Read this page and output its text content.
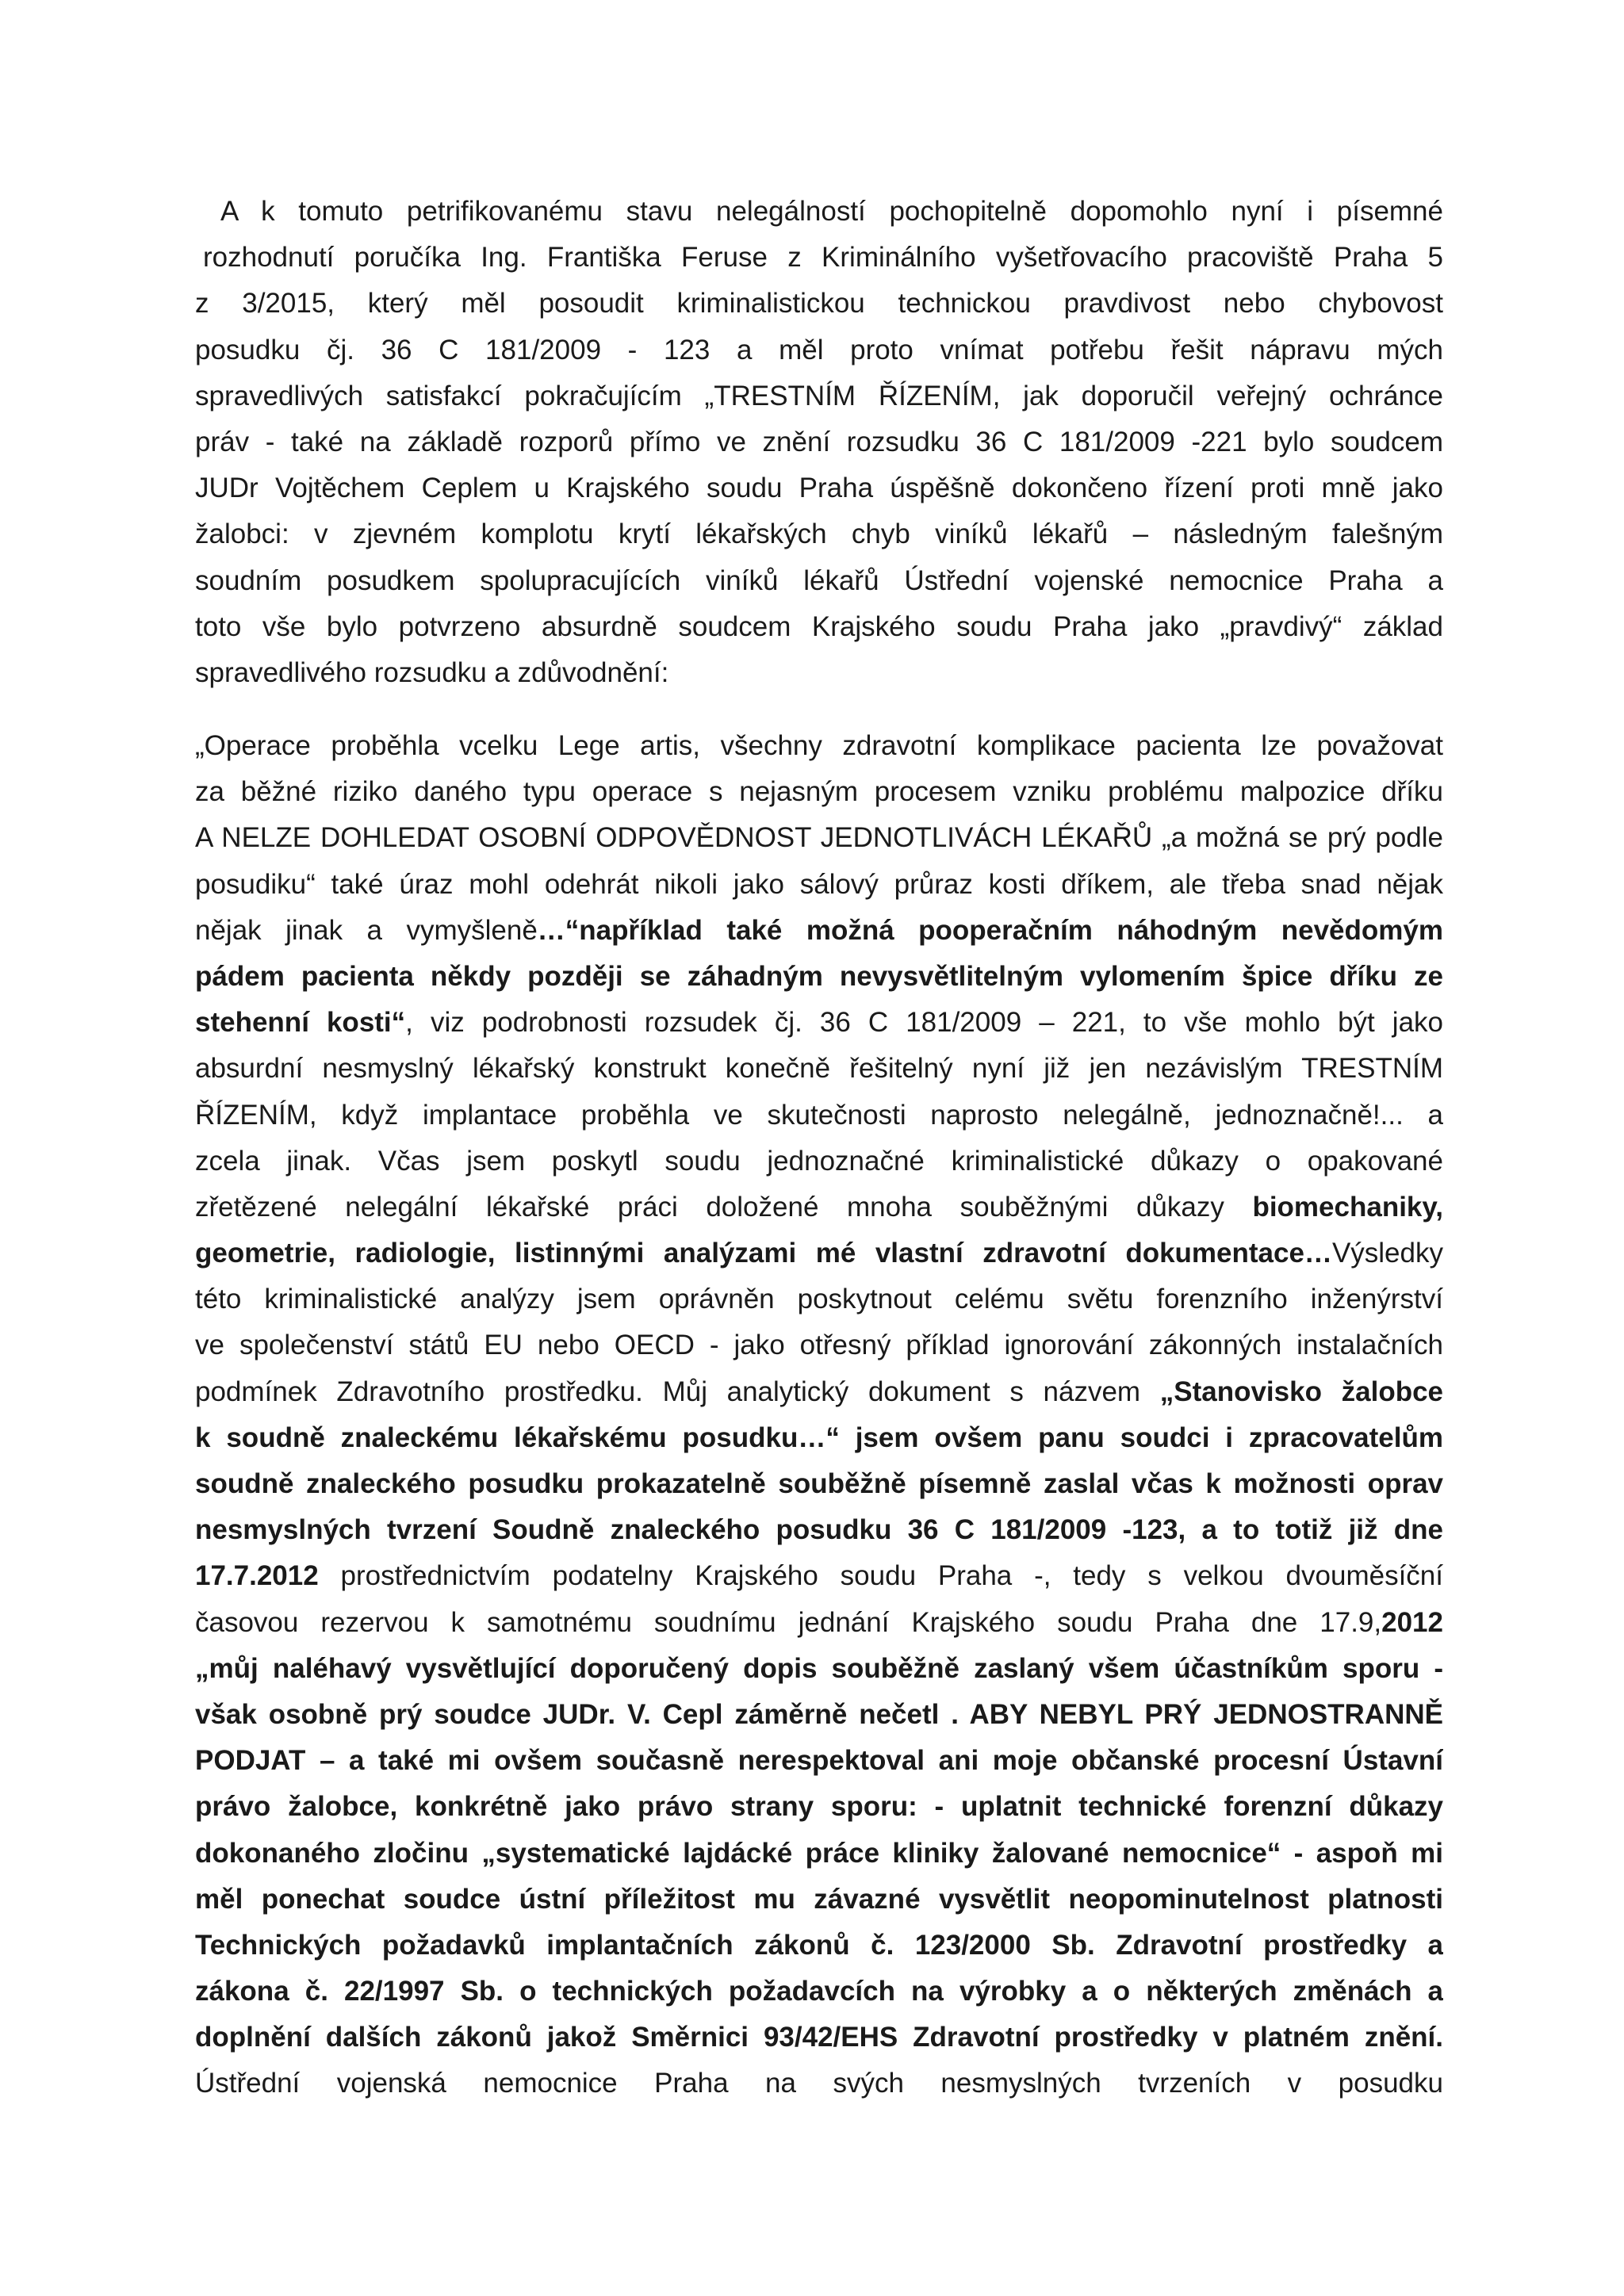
A k tomuto petrifikovanému stavu nelegálností pochopitelně dopomohlo nyní i písemné
rozhodnutí poručíka Ing. Františka Feruse z Kriminálního vyšetřovacího pracoviště Praha 5
z 3/2015, který měl posoudit kriminalistickou technickou pravdivost nebo chybovost
posudku čj. 36 C 181/2009 - 123 a měl proto vnímat potřebu řešit nápravu mých
spravedlivých satisfakcí pokračujícím „TRESTNÍM ŘÍZENÍM, jak doporučil veřejný ochránce
práv - také na základě rozporů přímo ve znění rozsudku 36 C 181/2009 -221 bylo soudcem
JUDr Vojtěchem Ceplem u Krajského soudu Praha úspěšně dokončeno řízení proti mně jako
žalobci: v zjevném komplotu krytí lékařských chyb viníků lékařů – následným falešným
soudním posudkem spolupracujících viníků lékařů Ústřední vojenské nemocnice Praha a
toto vše bylo potvrzeno absurdně soudcem Krajského soudu Praha jako „pravdivý“ základ
spravedlivého rozsudku a zdůvodnění:
„Operace proběhla vcelku Lege artis, všechny zdravotní komplikace pacienta lze považovat
za běžné riziko daného typu operace s nejasným procesem vzniku problému malpozice dříku
A NELZE DOHLEDAT OSOBNÍ ODPOVĚDNOST JEDNOTLIVÁCH LÉKAŘŮ „a možná se prý podle
posudiku“ také úraz mohl odehrát nikoli jako sálový průraz kosti dříkem, ale třeba snad nějak
nějak jinak a vymyšleně…“například také možná pooperačním náhodným nevědomým
pádem pacienta někdy později se záhadným nevysvětlitelným vylomením špice dříku ze
stehenní kosti“, viz podrobnosti rozsudek čj. 36 C 181/2009 – 221, to vše mohlo být jako
absurdní nesmyslný lékařský konstrukt konečně řešitelný nyní již jen nezávislým TRESTNÍM
ŘÍZENÍM, když implantace proběhla ve skutečnosti naprosto nelegálně, jednoznačně!... a
zcela jinak. Včas jsem poskytl soudu jednoznačné kriminalistické důkazy o opakované
zřetězené nelegální lékařské práci doložené mnoha souběžnými důkazy biomechaniky,
geometrie, radiologie, listinnými analýzami mé vlastní zdravotní dokumentace…Výsledky
této kriminalistické analýzy jsem oprávněn poskytnout celému světu forenzního inženýrství
ve společenství států EU nebo OECD - jako otřesný příklad ignorování zákonných instalačních
podmínek Zdravotního prostředku. Můj analytický dokument s názvem „Stanovisko žalobce
k soudně znaleckému lékařskému posudku…“ jsem ovšem panu soudci i zpracovatelům
soudně znaleckého posudku prokazatelně souběžně písemně zaslal včas k možnosti oprav
nesmyslných tvrzení Soudně znaleckého posudku 36 C 181/2009 -123, a to totiž již dne
17.7.2012 prostřednictvím podatelny Krajského soudu Praha -, tedy s velkou dvouměsíční
časovou rezervou k samotnému soudnímu jednání Krajského soudu Praha dne 17.9,2012
„můj naléhavý vysvětlující doporučený dopis souběžně zaslaný všem účastníkům sporu -
však osobně prý soudce JUDr. V. Cepl záměrně nečetl . ABY NEBYL PRÝ JEDNOSTRANNĚ
PODJAT – a také mi ovšem současně nerespektoval ani moje občanské procesní Ústavní
právo žalobce, konkrétně jako právo strany sporu: - uplatnit technické forenzní důkazy
dokonaného zločinu „systematické lajdácké práce kliniky žalované nemocnice“ - aspoň mi
měl ponechat soudce ústní příležitost mu závazné vysvětlit neopominutelnost platnosti
Technických požadavků implantačních zákonů č. 123/2000 Sb. Zdravotní prostředky a
zákona č. 22/1997 Sb. o technických požadavcích na výrobky a o některých změnách a
doplnění dalších zákonů jakož Směrnici 93/42/EHS Zdravotní prostředky v platném znění.
Ústřední vojenská nemocnice Praha na svých nesmyslných tvrzeních v posudku
